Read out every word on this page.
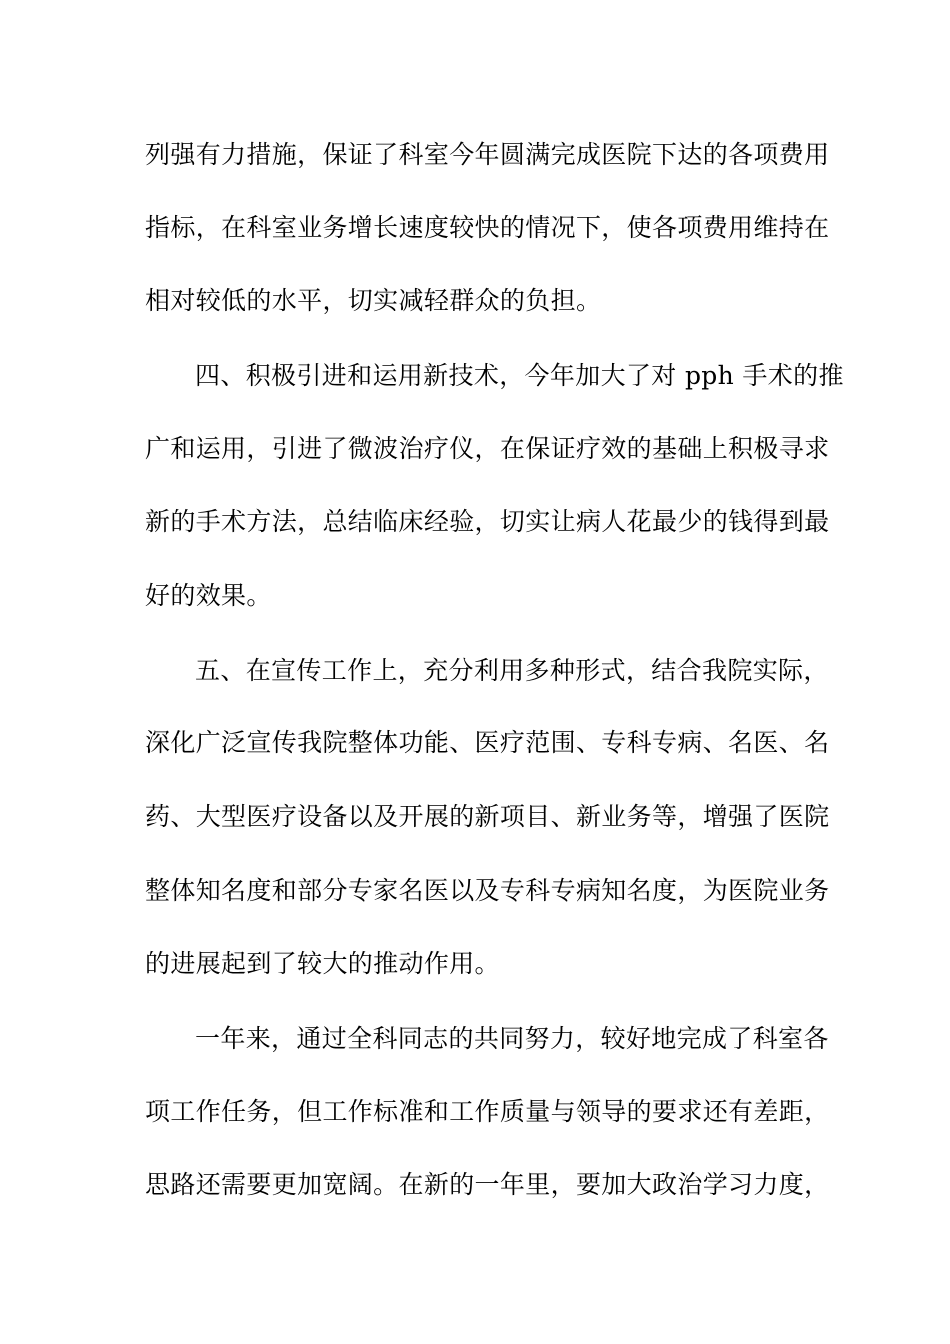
列强有力措施，保证了科室今年圆满完成医院下达的各项费用
指标，在科室业务增长速度较快的情况下，使各项费用维持在
相对较低的水平，切实减轻群众的负担。
四、积极引进和运用新技术，今年加大了对 pph 手术的推
广和运用，引进了微波治疗仪，在保证疗效的基础上积极寻求
新的手术方法，总结临床经验，切实让病人花最少的钱得到最
好的效果。
五、在宣传工作上，充分利用多种形式，结合我院实际，
深化广泛宣传我院整体功能、医疗范围、专科专病、名医、名
药、大型医疗设备以及开展的新项目、新业务等，增强了医院
整体知名度和部分专家名医以及专科专病知名度，为医院业务
的进展起到了较大的推动作用。
一年来，通过全科同志的共同努力，较好地完成了科室各
项工作任务，但工作标准和工作质量与领导的要求还有差距，
思路还需要更加宽阔。在新的一年里，要加大政治学习力度，
